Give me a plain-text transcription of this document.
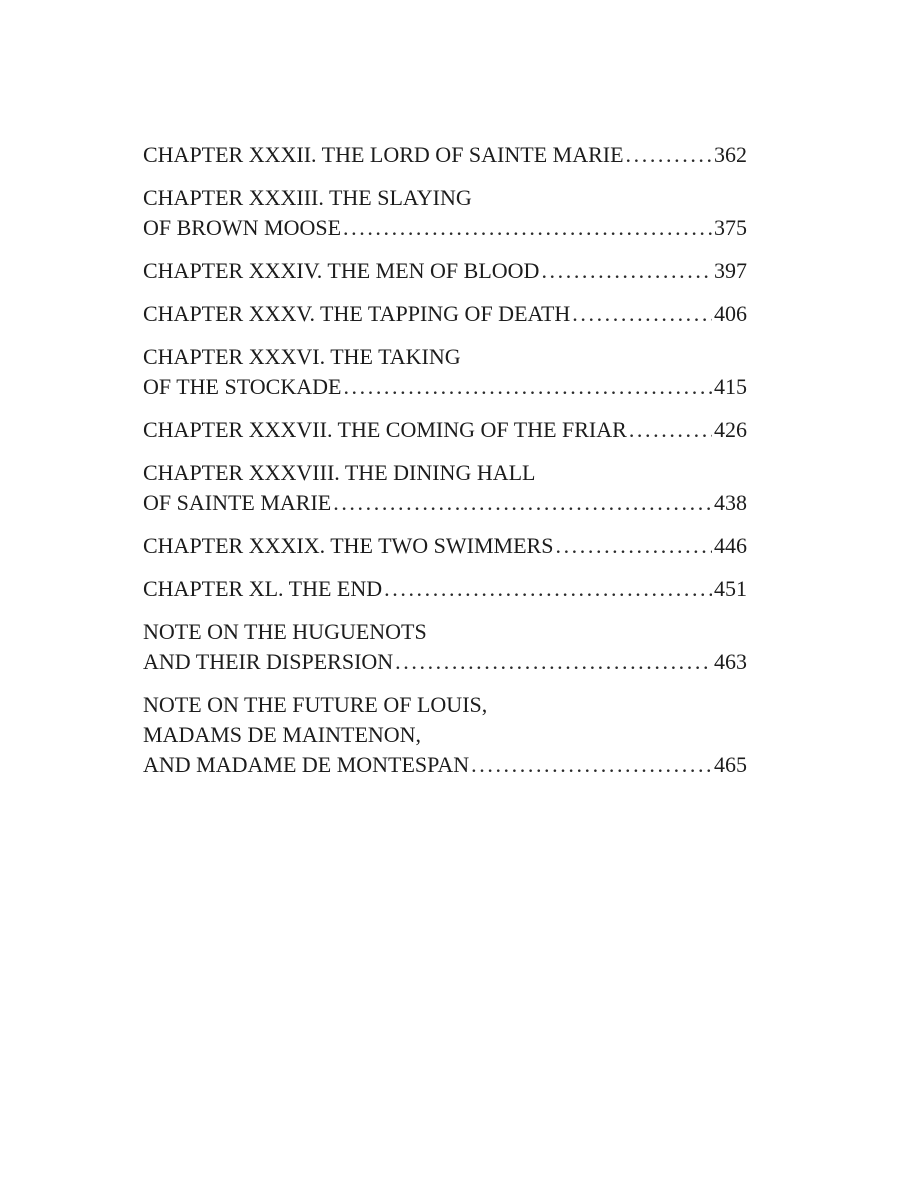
CHAPTER XXXII. THE LORD OF SAINTE MARIE .....	362
CHAPTER XXXIII. THE SLAYING
OF BROWN MOOSE .....	375
CHAPTER XXXIV. THE MEN OF BLOOD .....	397
CHAPTER XXXV. THE TAPPING OF DEATH .....	406
CHAPTER XXXVI. THE TAKING
OF THE STOCKADE .....	415
CHAPTER XXXVII. THE COMING OF THE FRIAR .....	426
CHAPTER XXXVIII. THE DINING HALL
OF SAINTE MARIE .....	438
CHAPTER XXXIX. THE TWO SWIMMERS .....	446
CHAPTER XL. THE END .....	451
NOTE ON THE HUGUENOTS
AND THEIR DISPERSION .....	463
NOTE ON THE FUTURE OF LOUIS,
MADAMS DE MAINTENON,
AND MADAME DE MONTESPAN .....	465
